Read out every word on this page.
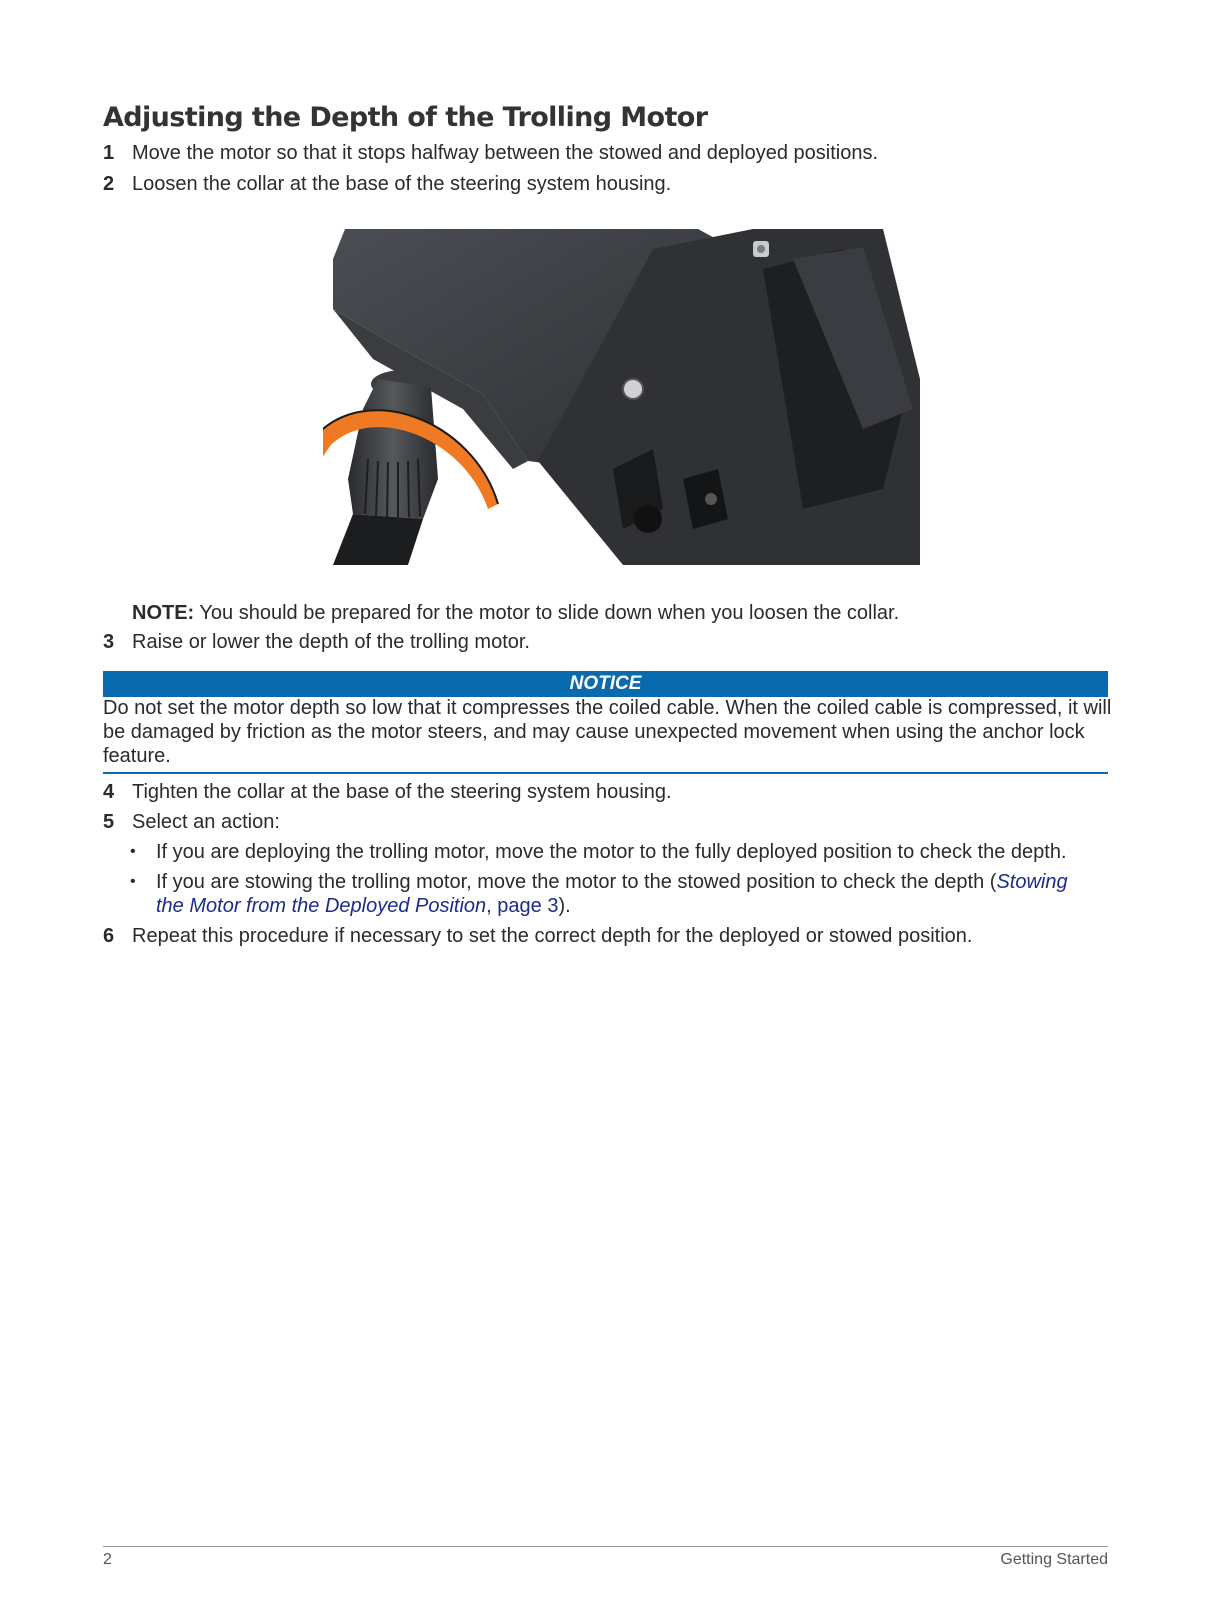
Adjusting the Depth of the Trolling Motor
1 Move the motor so that it stops halfway between the stowed and deployed positions.
2 Loosen the collar at the base of the steering system housing.
NOTE: You should be prepared for the motor to slide down when you loosen the collar.
3 Raise or lower the depth of the trolling motor.
NOTICE

Do not set the motor depth so low that it compresses the coiled cable. When the coiled cable is compressed, it will be damaged by friction as the motor steers, and may cause unexpected movement when using the anchor lock feature.

4 Tighten the collar at the base of the steering system housing.
5 Select an action:
• If you are deploying the trolling motor, move the motor to the fully deployed position to check the depth.
• If you are stowing the trolling motor, move the motor to the stowed position to check the depth (Stowing the Motor from the Deployed Position, page 3).
6 Repeat this procedure if necessary to set the correct depth for the deployed or stowed position.
2	Getting Started
